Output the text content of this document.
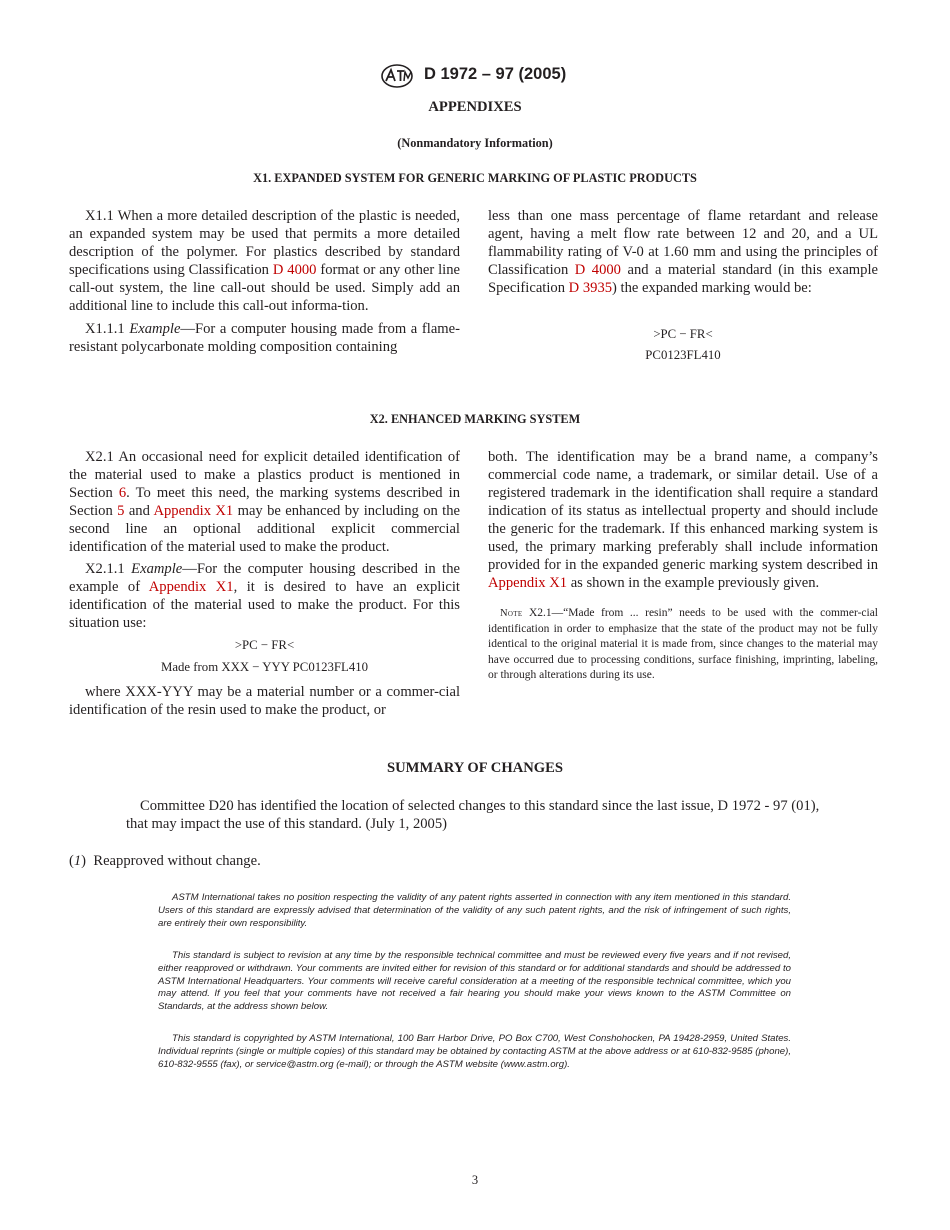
D 1972 – 97 (2005)
APPENDIXES
(Nonmandatory Information)
X1. EXPANDED SYSTEM FOR GENERIC MARKING OF PLASTIC PRODUCTS

X1.1 When a more detailed description of the plastic is needed, an expanded system may be used that permits a more detailed description of the polymer. For plastics described by standard specifications using Classification D 4000 format or any other line call-out system, the line call-out should be used. Simply add an additional line to include this call-out informa-tion.

X1.1.1 Example—For a computer housing made from a flame-resistant polycarbonate molding composition containing

less than one mass percentage of flame retardant and release agent, having a melt flow rate between 12 and 20, and a UL flammability rating of V-0 at 1.60 mm and using the principles of Classification D 4000 and a material standard (in this example Specification D 3935) the expanded marking would be:

>PC − FR<
PC0123FL410
X2. ENHANCED MARKING SYSTEM

X2.1 An occasional need for explicit detailed identification of the material used to make a plastics product is mentioned in Section 6. To meet this need, the marking systems described in Section 5 and Appendix X1 may be enhanced by including on the second line an optional additional explicit commercial identification of the material used to make the product.

X2.1.1 Example—For the computer housing described in the example of Appendix X1, it is desired to have an explicit identification of the material used to make the product. For this situation use:

>PC − FR<
Made from XXX − YYY PC0123FL410

where XXX-YYY may be a material number or a commer-cial identification of the resin used to make the product, or

both. The identification may be a brand name, a company’s commercial code name, a trademark, or similar detail. Use of a registered trademark in the identification shall require a standard indication of its status as intellectual property and should include the generic for the trademark. If this enhanced marking system is used, the primary marking preferably shall include information provided for in the expanded generic marking system described in Appendix X1 as shown in the example previously given.

Note X2.1—“Made from ... resin” needs to be used with the commer-cial identification in order to emphasize that the state of the product may not be fully identical to the original material it is made from, since changes to the material may have occurred due to processing conditions, surface finishing, imprinting, labeling, or through alterations during its use.

SUMMARY OF CHANGES

Committee D20 has identified the location of selected changes to this standard since the last issue, D 1972 - 97 (01), that may impact the use of this standard. (July 1, 2005)

(1)  Reapproved without change.
ASTM International takes no position respecting the validity of any patent rights asserted in connection with any item mentioned in this standard. Users of this standard are expressly advised that determination of the validity of any such patent rights, and the risk of infringement of such rights, are entirely their own responsibility.
This standard is subject to revision at any time by the responsible technical committee and must be reviewed every five years and if not revised, either reapproved or withdrawn. Your comments are invited either for revision of this standard or for additional standards and should be addressed to ASTM International Headquarters. Your comments will receive careful consideration at a meeting of the responsible technical committee, which you may attend. If you feel that your comments have not received a fair hearing you should make your views known to the ASTM Committee on Standards, at the address shown below.
This standard is copyrighted by ASTM International, 100 Barr Harbor Drive, PO Box C700, West Conshohocken, PA 19428-2959, United States. Individual reprints (single or multiple copies) of this standard may be obtained by contacting ASTM at the above address or at 610-832-9585 (phone), 610-832-9555 (fax), or service@astm.org (e-mail); or through the ASTM website (www.astm.org).
3
